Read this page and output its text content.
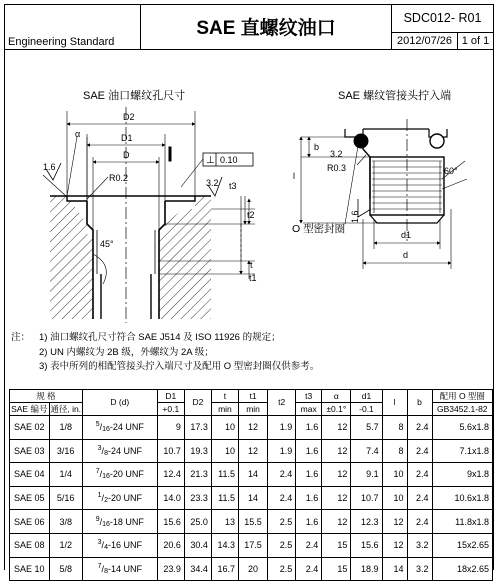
SAE 直螺纹油口
Engineering Standard
SDC012- R01
2012/07/26 1 of 1
SAE 油口螺纹孔尺寸	SAE 螺纹管接头拧入端
D2
D1
D
α
R0.2
1.6
⊥ 0.10
3.2 t3
t2
t
t1
45°
b
l
3.2
R0.3	60°
d1
d
1.6
O 型密封圈
注： 1) 油口螺纹孔尺寸符合 SAE J514 及 ISO 11926 的规定；
2) UN 内螺纹为 2B 级，外螺纹为 2A 级；
3) 表中所列的相配管接头拧入端尺寸及配用 O 型密封圈仅供参考。
规 格		D (d)	D1	D2	t	t1	t2	t3	α	d1	l	b	配用 O 型圈
SAE 编号	通径, in.		+0.1		min	min		max	±0.1°	-0.1			GB3452.1-82
SAE 02	1/8	$^5/_{16}-24$ UNF	9	17.3	10	12	1.9	1.6	12	5.7	8	2.4	5.6x1.8
SAE 03	3/16	$^3/_8-24$ UNF	10.7	19.3	10	12	1.9	1.6	12	7.4	8	2.4	7.1x1.8
SAE 04	1/4	$^7/_{16}-20$ UNF	12.4	21.3	11.5	14	2.4	1.6	12	9.1	10	2.4	9x1.8
SAE 05	5/16	$^1/_2-20$ UNF	14.0	23.3	11.5	14	2.4	1.6	12	10.7	10	2.4	10.6x1.8
SAE 06	3/8	$^9/_{16}-18$ UNF	15.6	25.0	13	15.5	2.5	1.6	12	12.3	12	2.4	11.8x1.8
SAE 08	1/2	$^3/_4-16$ UNF	20.6	30.4	14.3	17.5	2.5	2.4	15	15.6	12	3.2	15x2.65
SAE 10	5/8	$^7/_8-14$ UNF	23.9	34.4	16.7	20	2.5	2.4	15	18.9	14	3.2	18x2.65
